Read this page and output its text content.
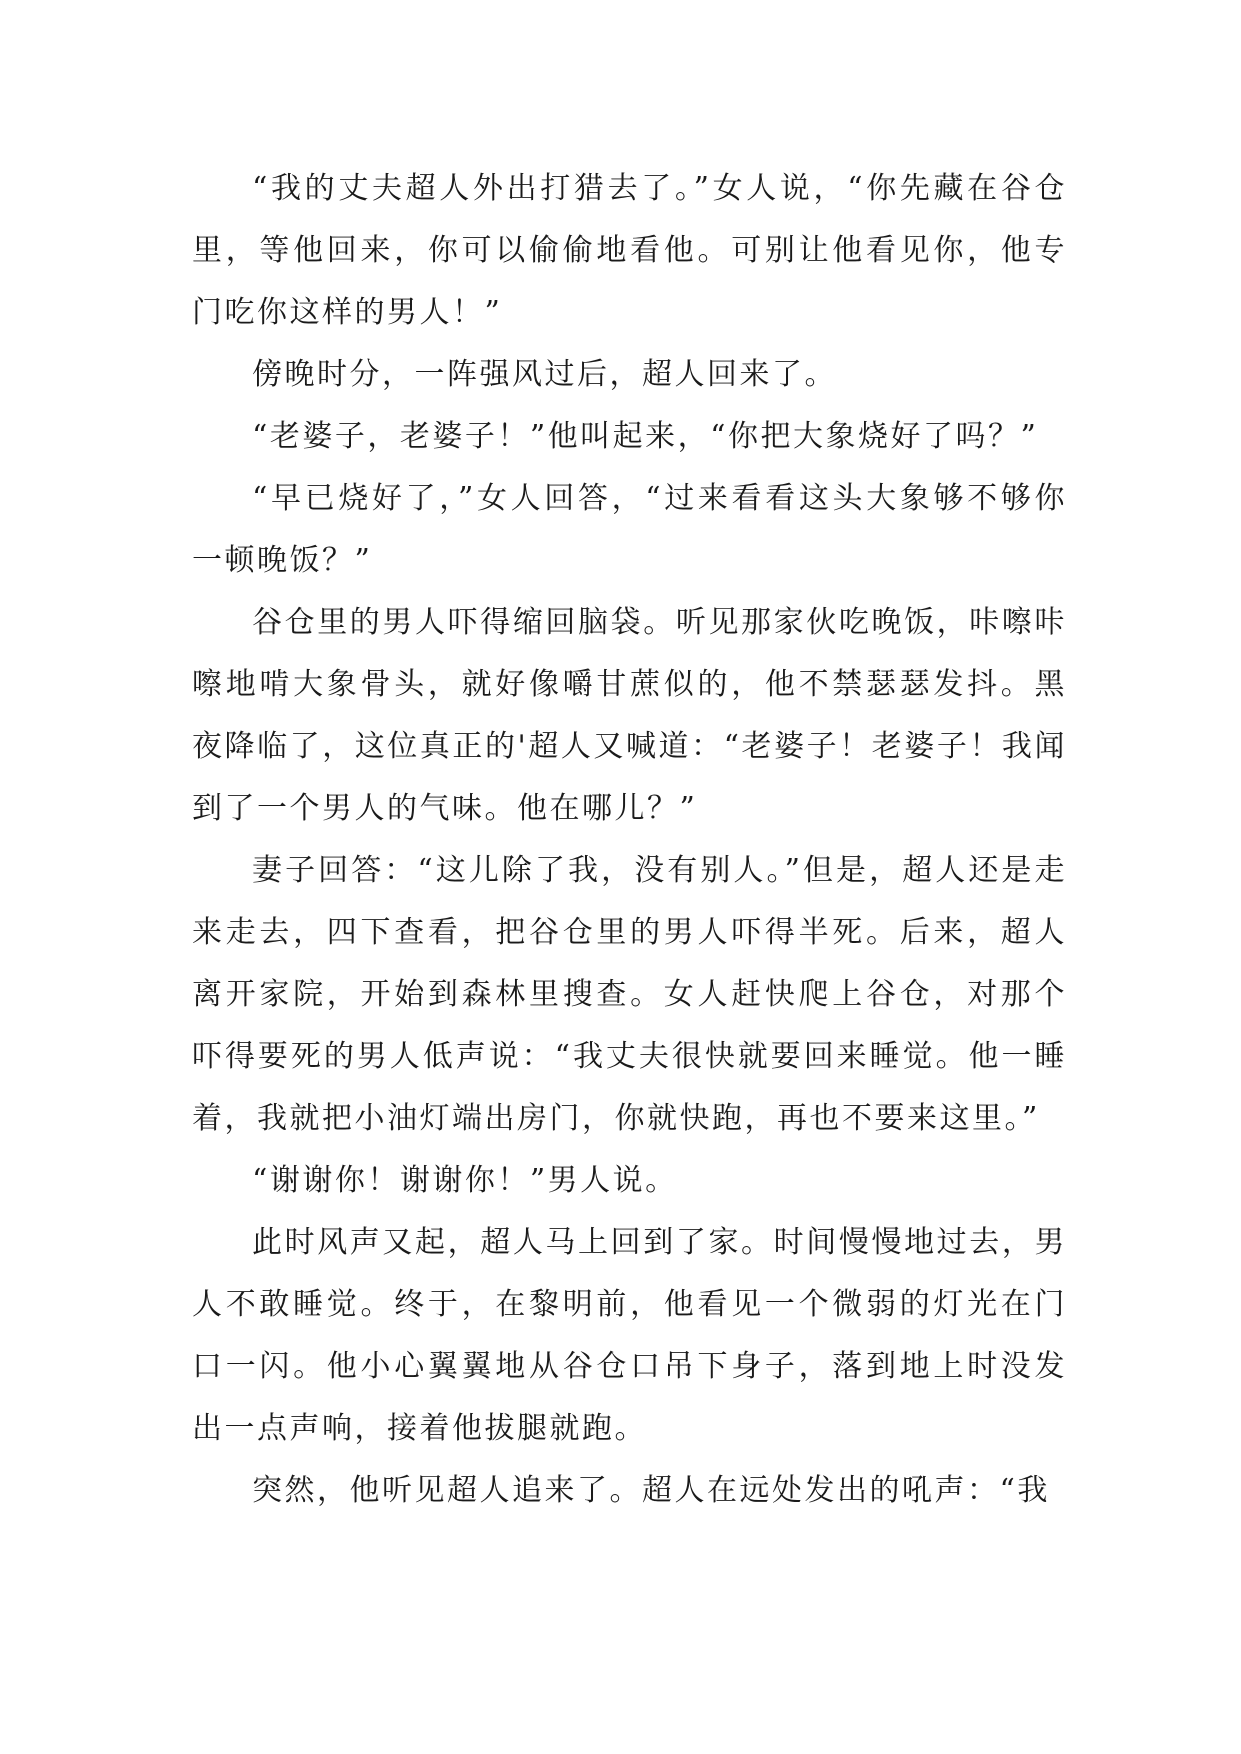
“我的丈夫超人外出打猎去了。”女人说，“你先藏在谷仓里，等他回来，你可以偷偷地看他。可别让他看见你，他专门吃你这样的男人！”

傍晚时分，一阵强风过后，超人回来了。

“老婆子，老婆子！”他叫起来，“你把大象烧好了吗？”

“早已烧好了，”女人回答，“过来看看这头大象够不够你一顿晚饭？”

谷仓里的男人吓得缩回脑袋。听见那家伙吃晚饭，咔嚓咔嚓地啃大象骨头，就好像嚼甘蔗似的，他不禁瑟瑟发抖。黑夜降临了，这位真正的'超人又喊道：“老婆子！老婆子！我闻到了一个男人的气味。他在哪儿？”

妻子回答：“这儿除了我，没有别人。”但是，超人还是走来走去，四下查看，把谷仓里的男人吓得半死。后来，超人离开家院，开始到森林里搜查。女人赶快爬上谷仓，对那个吓得要死的男人低声说：“我丈夫很快就要回来睡觉。他一睡着，我就把小油灯端出房门，你就快跑，再也不要来这里。”

“谢谢你！谢谢你！”男人说。

此时风声又起，超人马上回到了家。时间慢慢地过去，男人不敢睡觉。终于，在黎明前，他看见一个微弱的灯光在门口一闪。他小心翼翼地从谷仓口吊下身子，落到地上时没发出一点声响，接着他拔腿就跑。

突然，他听见超人追来了。超人在远处发出的吼声：“我
